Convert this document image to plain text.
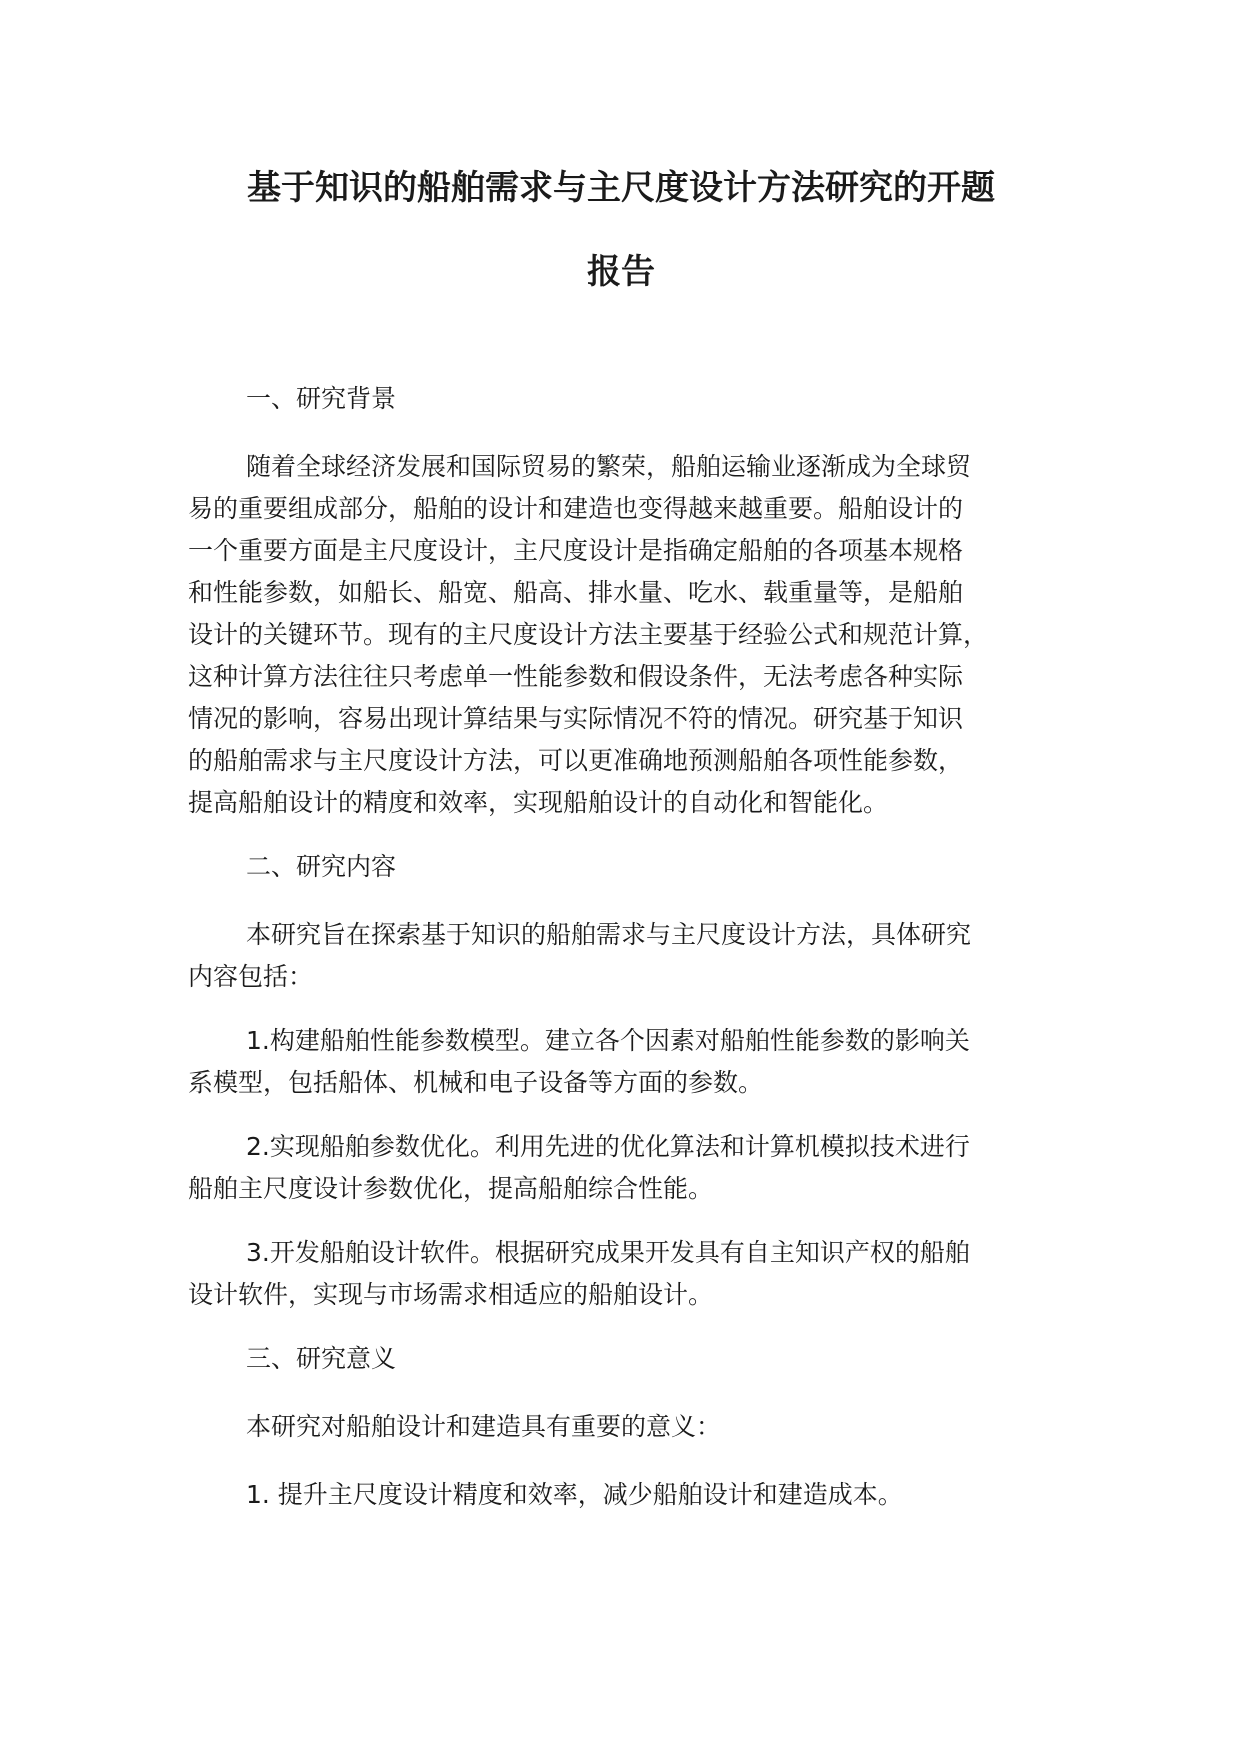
基于知识的船舶需求与主尺度设计方法研究的开题
报告

一、研究背景

随着全球经济发展和国际贸易的繁荣，船舶运输业逐渐成为全球贸
易的重要组成部分，船舶的设计和建造也变得越来越重要。船舶设计的
一个重要方面是主尺度设计，主尺度设计是指确定船舶的各项基本规格
和性能参数，如船长、船宽、船高、排水量、吃水、载重量等，是船舶
设计的关键环节。现有的主尺度设计方法主要基于经验公式和规范计算，
这种计算方法往往只考虑单一性能参数和假设条件，无法考虑各种实际
情况的影响，容易出现计算结果与实际情况不符的情况。研究基于知识
的船舶需求与主尺度设计方法，可以更准确地预测船舶各项性能参数，
提高船舶设计的精度和效率，实现船舶设计的自动化和智能化。

二、研究内容

本研究旨在探索基于知识的船舶需求与主尺度设计方法，具体研究
内容包括：

1.构建船舶性能参数模型。建立各个因素对船舶性能参数的影响关
系模型，包括船体、机械和电子设备等方面的参数。

2.实现船舶参数优化。利用先进的优化算法和计算机模拟技术进行
船舶主尺度设计参数优化，提高船舶综合性能。

3.开发船舶设计软件。根据研究成果开发具有自主知识产权的船舶
设计软件，实现与市场需求相适应的船舶设计。

三、研究意义

本研究对船舶设计和建造具有重要的意义：

1. 提升主尺度设计精度和效率，减少船舶设计和建造成本。
